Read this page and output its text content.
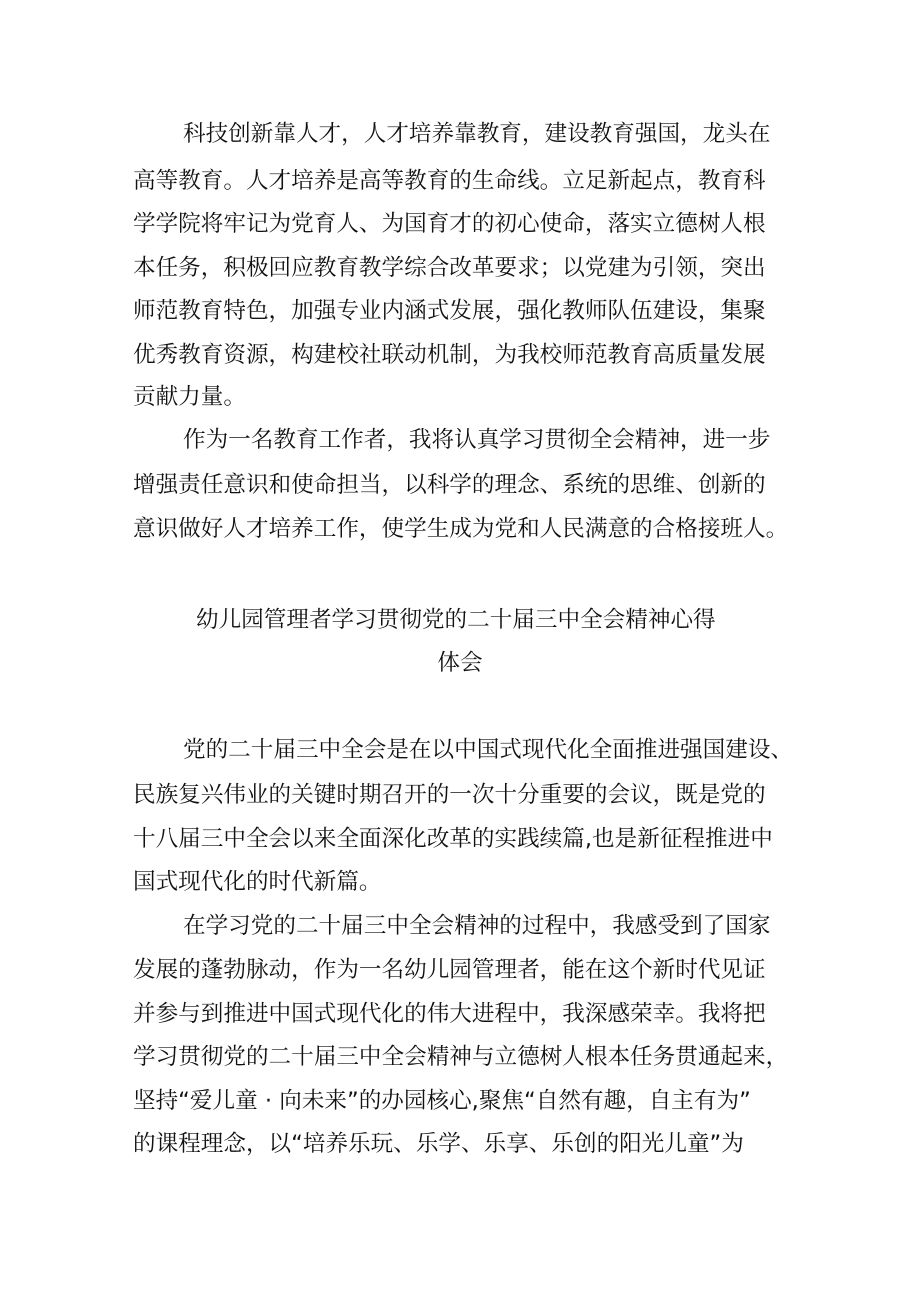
科技创新靠人才，人才培养靠教育，建设教育强国，龙头在

高等教育。人才培养是高等教育的生命线。立足新起点，教育科

学学院将牢记为党育人、为国育才的初心使命，落实立德树人根

本任务，积极回应教育教学综合改革要求；以党建为引领，突出

师范教育特色，加强专业内涵式发展，强化教师队伍建设，集聚

优秀教育资源，构建校社联动机制，为我校师范教育高质量发展

贡献力量。

作为一名教育工作者，我将认真学习贯彻全会精神，进一步

增强责任意识和使命担当，以科学的理念、系统的思维、创新的

意识做好人才培养工作，使学生成为党和人民满意的合格接班人。

幼儿园管理者学习贯彻党的二十届三中全会精神心得

体会

党的二十届三中全会是在以中国式现代化全面推进强国建设、

民族复兴伟业的关键时期召开的一次十分重要的会议，既是党的

十八届三中全会以来全面深化改革的实践续篇,也是新征程推进中

国式现代化的时代新篇。

在学习党的二十届三中全会精神的过程中，我感受到了国家

发展的蓬勃脉动，作为一名幼儿园管理者，能在这个新时代见证

并参与到推进中国式现代化的伟大进程中，我深感荣幸。我将把

学习贯彻党的二十届三中全会精神与立德树人根本任务贯通起来，

坚持“爱儿童 · 向未来”的办园核心,聚焦“自然有趣，自主有为”

的课程理念，以“培养乐玩、乐学、乐享、乐创的阳光儿童”为
